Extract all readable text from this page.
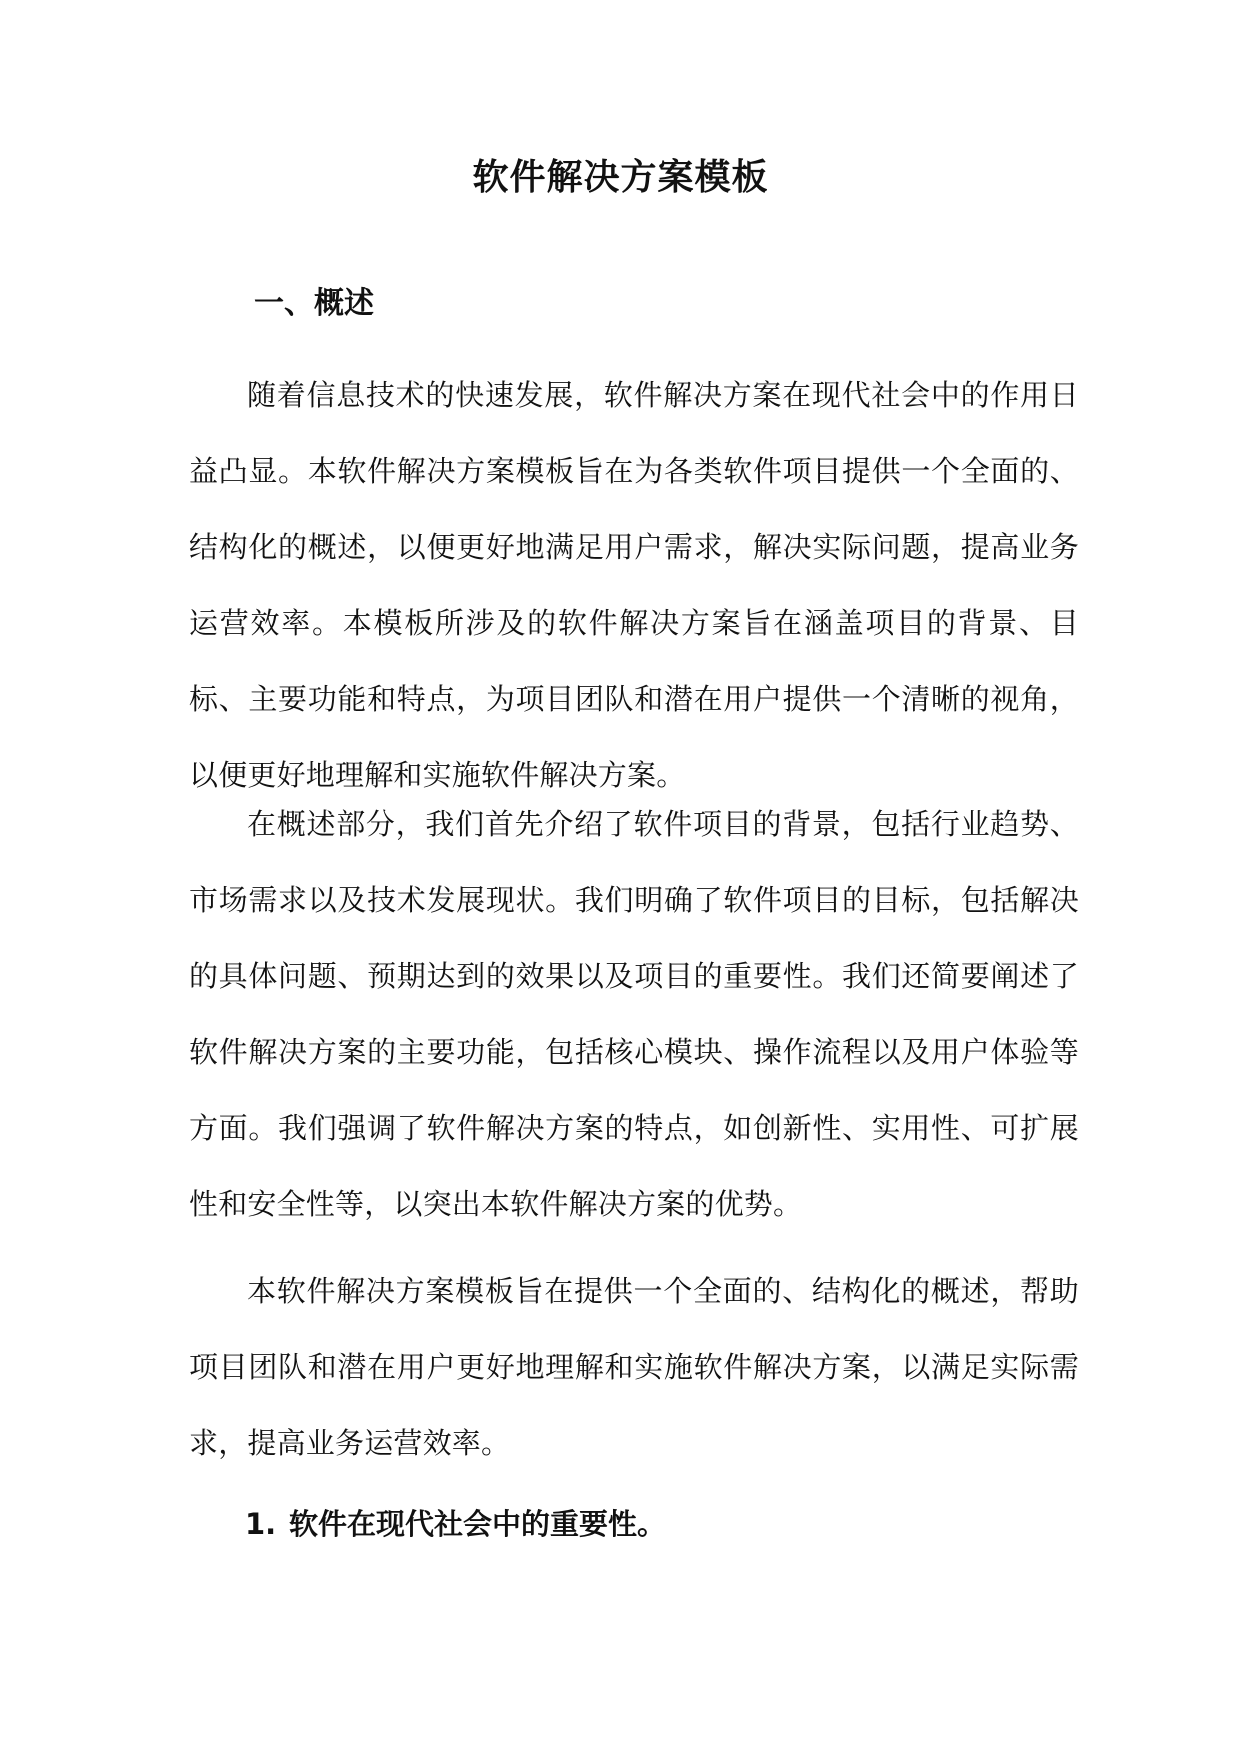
软件解决方案模板
一、概述

随着信息技术的快速发展，软件解决方案在现代社会中的作用日益凸显。本软件解决方案模板旨在为各类软件项目提供一个全面的、结构化的概述，以便更好地满足用户需求，解决实际问题，提高业务运营效率。本模板所涉及的软件解决方案旨在涵盖项目的背景、目标、主要功能和特点，为项目团队和潜在用户提供一个清晰的视角，以便更好地理解和实施软件解决方案。

在概述部分，我们首先介绍了软件项目的背景，包括行业趋势、市场需求以及技术发展现状。我们明确了软件项目的目标，包括解决的具体问题、预期达到的效果以及项目的重要性。我们还简要阐述了软件解决方案的主要功能，包括核心模块、操作流程以及用户体验等方面。我们强调了软件解决方案的特点，如创新性、实用性、可扩展性和安全性等，以突出本软件解决方案的优势。

本软件解决方案模板旨在提供一个全面的、结构化的概述，帮助项目团队和潜在用户更好地理解和实施软件解决方案，以满足实际需求，提高业务运营效率。

1. 软件在现代社会中的重要性。
